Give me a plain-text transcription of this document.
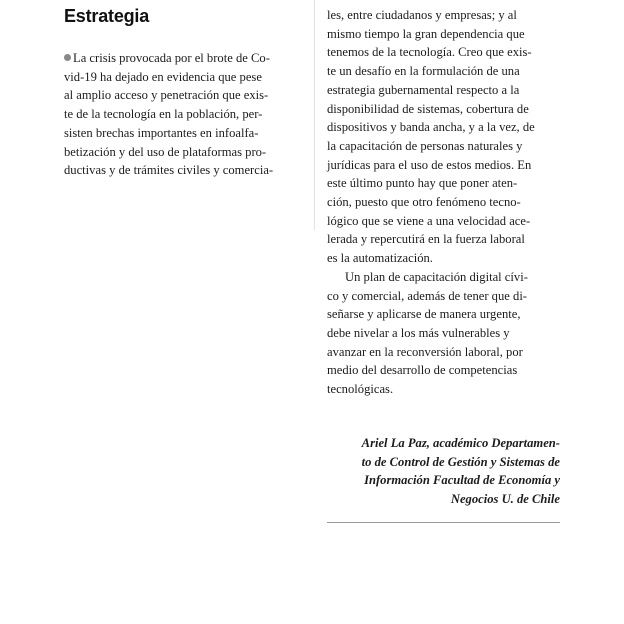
Estrategia
La crisis provocada por el brote de Co-
vid-19 ha dejado en evidencia que pese
al amplio acceso y penetración que exis-
te de la tecnología en la población, per-
sisten brechas importantes en infoalfa-
betización y del uso de plataformas pro-
ductivas y de trámites civiles y comercia-
les, entre ciudadanos y empresas; y al
mismo tiempo la gran dependencia que
tenemos de la tecnología. Creo que exis-
te un desafío en la formulación de una
estrategia gubernamental respecto a la
disponibilidad de sistemas, cobertura de
dispositivos y banda ancha, y a la vez, de
la capacitación de personas naturales y
jurídicas para el uso de estos medios. En
este último punto hay que poner aten-
ción, puesto que otro fenómeno tecno-
lógico que se viene a una velocidad ace-
lerada y repercutirá en la fuerza laboral
es la automatización.
Un plan de capacitación digital cívi-
co y comercial, además de tener que di-
señarse y aplicarse de manera urgente,
debe nivelar a los más vulnerables y
avanzar en la reconversión laboral, por
medio del desarrollo de competencias
tecnológicas.
Ariel La Paz, académico Departamen-
to de Control de Gestión y Sistemas de
Información Facultad de Economía y
Negocios U. de Chile
